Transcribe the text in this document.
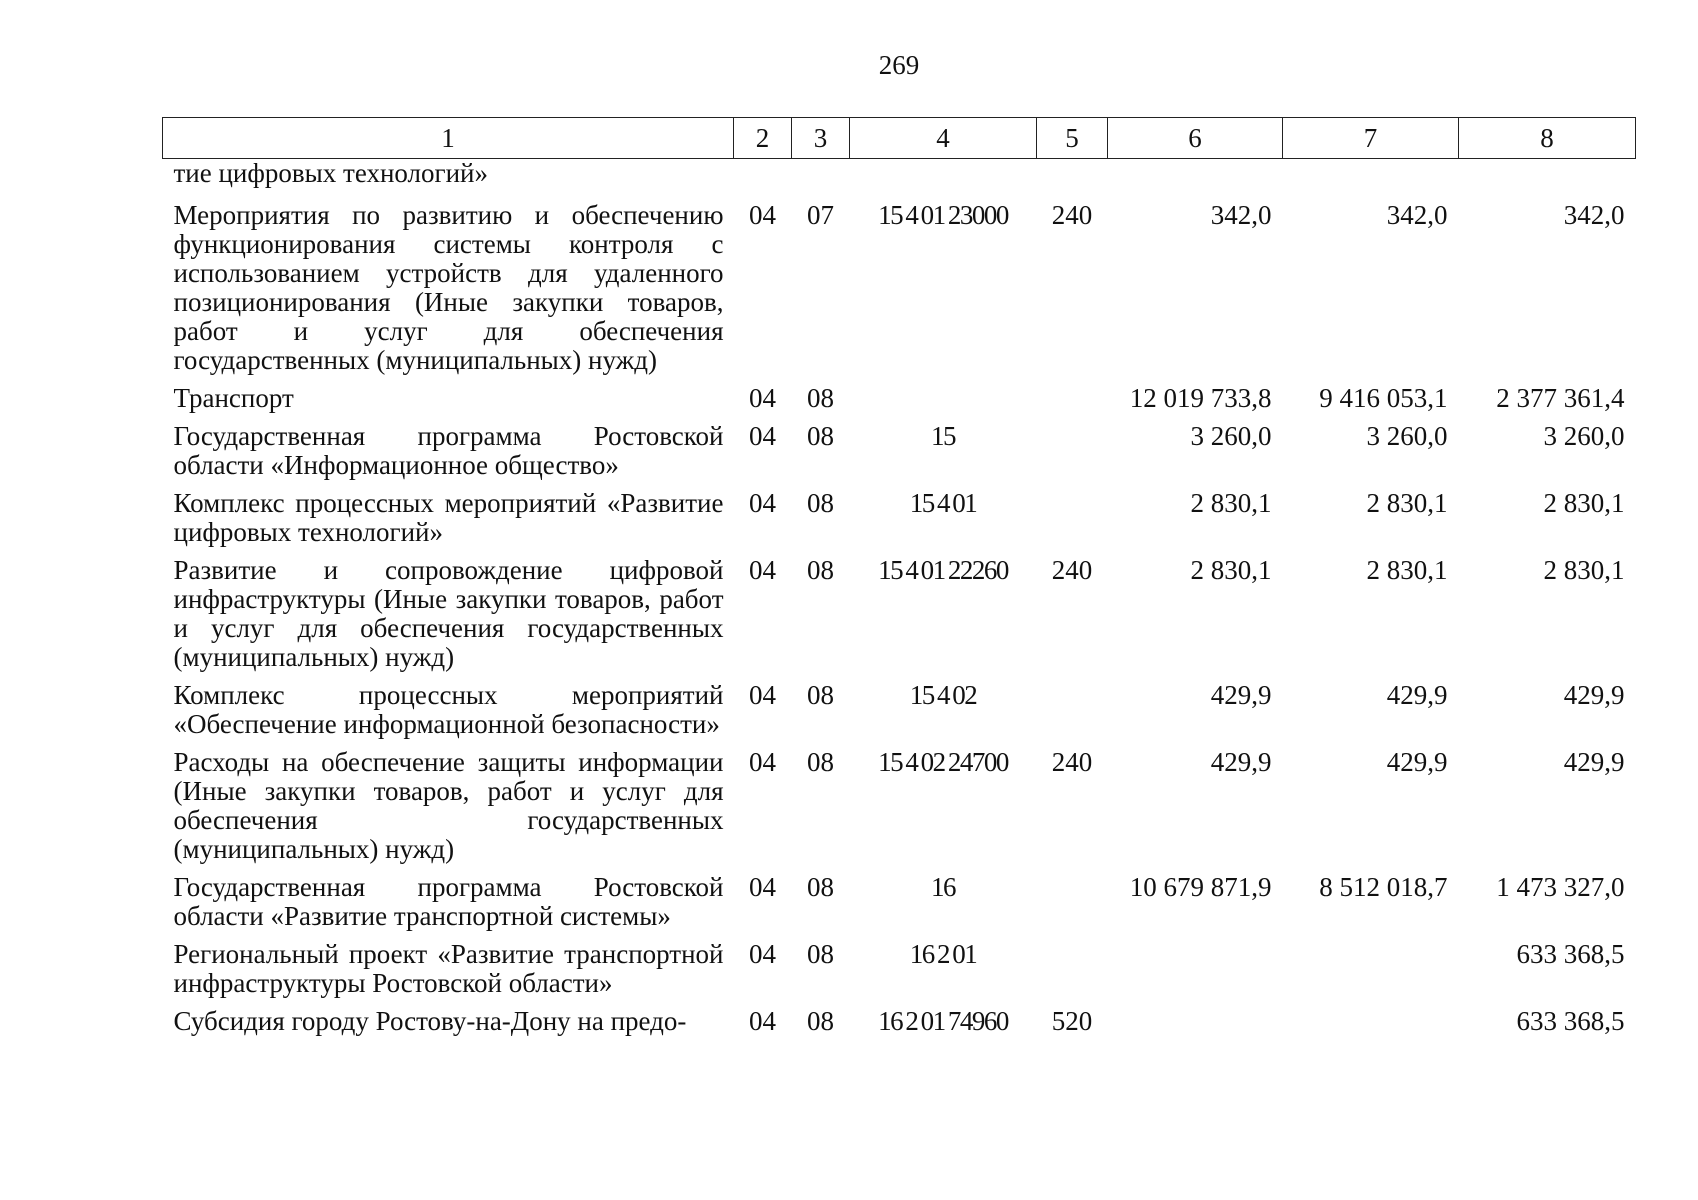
269
1	2	3	4	5	6	7	8
тие цифровых технологий»							
Мероприятия по развитию и обеспечению функционирования системы контроля с использованием устройств для удаленного позиционирования (Иные закупки товаров, работ и услуг для обеспечения государственных (муниципальных) нужд)	04	07	15 4 01 23000	240	342,0	342,0	342,0
Транспорт	04	08			12 019 733,8	9 416 053,1	2 377 361,4
Государственная программа Ростовской области «Информационное общество»	04	08	15		3 260,0	3 260,0	3 260,0
Комплекс процессных мероприятий «Развитие цифровых технологий»	04	08	15 4 01		2 830,1	2 830,1	2 830,1
Развитие и сопровождение цифровой инфраструктуры (Иные закупки товаров, работ и услуг для обеспечения государственных (муниципальных) нужд)	04	08	15 4 01 22260	240	2 830,1	2 830,1	2 830,1
Комплекс процессных мероприятий «Обеспечение информационной безопасности»	04	08	15 4 02		429,9	429,9	429,9
Расходы на обеспечение защиты информации (Иные закупки товаров, работ и услуг для обеспечения государственных (муниципальных) нужд)	04	08	15 4 02 24700	240	429,9	429,9	429,9
Государственная программа Ростовской области «Развитие транспортной системы»	04	08	16		10 679 871,9	8 512 018,7	1 473 327,0
Региональный проект «Развитие транспортной инфраструктуры Ростовской области»	04	08	16 2 01				633 368,5
Субсидия городу Ростову-на-Дону на предо-	04	08	16 2 01 74960	520			633 368,5
